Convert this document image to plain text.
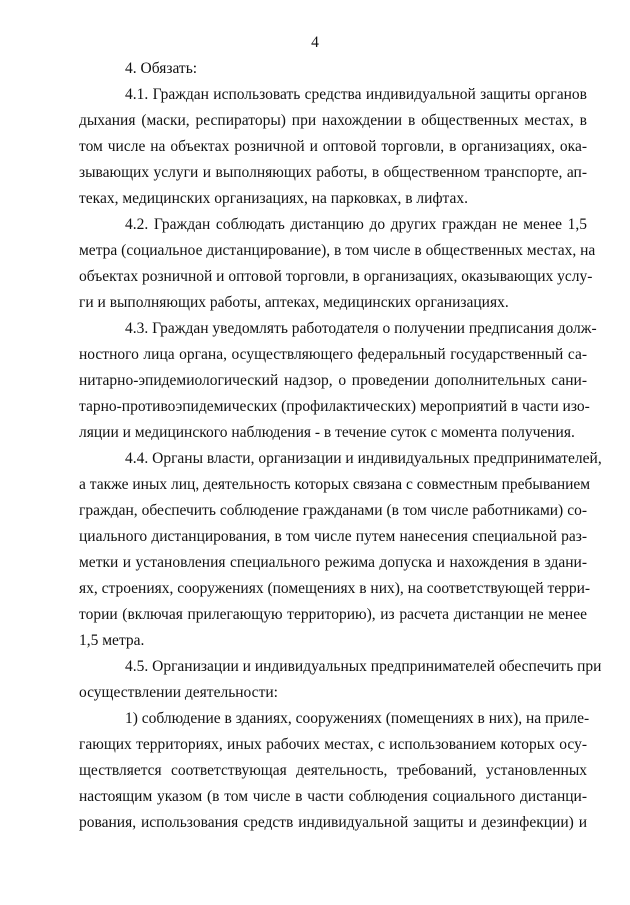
4
4. Обязать:
4.1. Граждан использовать средства индивидуальной защиты органов
дыхания (маски, респираторы) при нахождении в общественных местах, в
том числе на объектах розничной и оптовой торговли, в организациях, ока-
зывающих услуги и выполняющих работы, в общественном транспорте, ап-
теках, медицинских организациях, на парковках, в лифтах.
4.2. Граждан соблюдать дистанцию до других граждан не менее 1,5
метра (социальное дистанцирование), в том числе в общественных местах, на
объектах розничной и оптовой торговли, в организациях, оказывающих услу-
ги и выполняющих работы, аптеках, медицинских организациях.
4.3. Граждан уведомлять работодателя о получении предписания долж-
ностного лица органа, осуществляющего федеральный государственный са-
нитарно-эпидемиологический надзор, о проведении дополнительных сани-
тарно-противоэпидемических (профилактических) мероприятий в части изо-
ляции и медицинского наблюдения - в течение суток с момента получения.
4.4. Органы власти, организации и индивидуальных предпринимателей,
а также иных лиц, деятельность которых связана с совместным пребыванием
граждан, обеспечить соблюдение гражданами (в том числе работниками) со-
циального дистанцирования, в том числе путем нанесения специальной раз-
метки и установления специального режима допуска и нахождения в здани-
ях, строениях, сооружениях (помещениях в них), на соответствующей терри-
тории (включая прилегающую территорию), из расчета дистанции не менее
1,5 метра.
4.5. Организации и индивидуальных предпринимателей обеспечить при
осуществлении деятельности:
1) соблюдение в зданиях, сооружениях (помещениях в них), на приле-
гающих территориях, иных рабочих местах, с использованием которых осу-
ществляется соответствующая деятельность, требований, установленных
настоящим указом (в том числе в части соблюдения социального дистанци-
рования, использования средств индивидуальной защиты и дезинфекции) и
